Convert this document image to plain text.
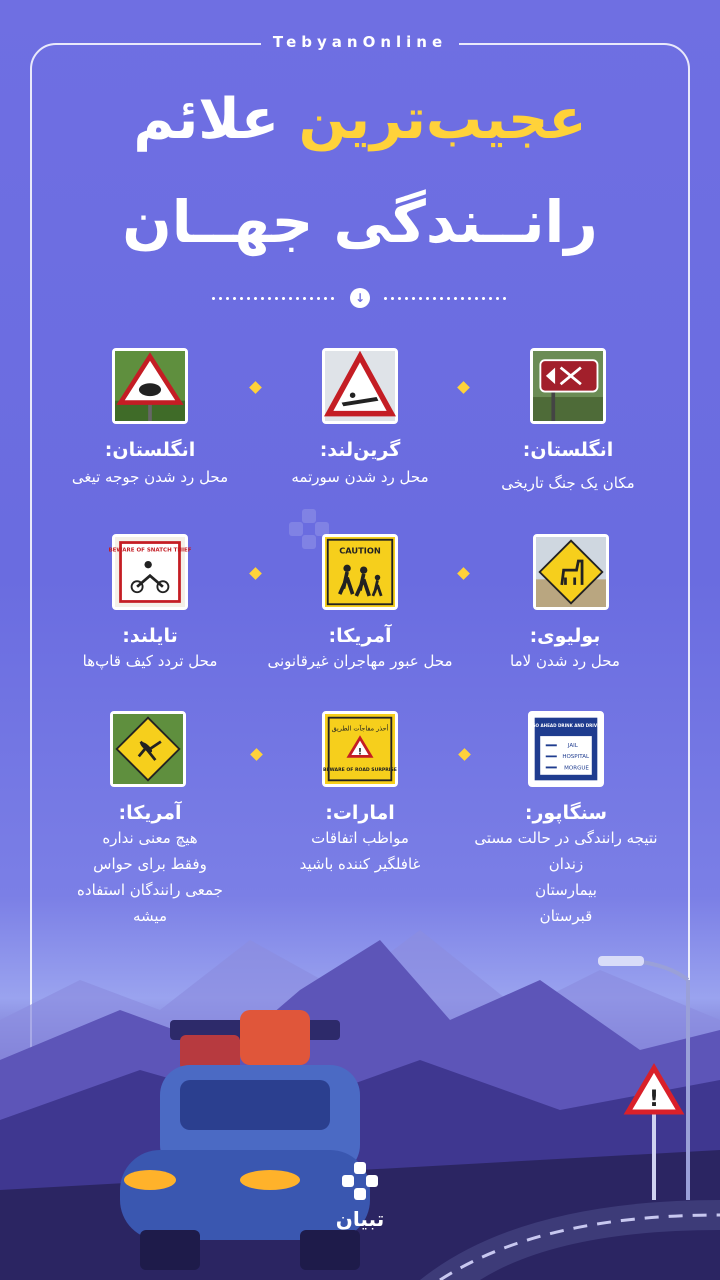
TebyanOnline
عجیب‌ترین علائم
رانــندگی جهــان
↓
انگلستان:
مکان یک جنگ تاریخی
گرین‌لند:
محل رد شدن سورتمه
انگلستان:
محل رد شدن جوجه تیغی
CAUTION
BEWARE OF SNATCH THIEF
بولیوی:
محل رد شدن لاما
آمریکا:
محل عبور مهاجران غیرقانونی
تایلند:
محل تردد کیف قاپ‌ها
GO AHEAD DRINK AND DRIVE
JAIL
HOSPITAL
MORGUE
أحذر مفاجآت الطريق
!
BEWARE OF ROAD SURPRISE
سنگاپور:
نتیجه رانندگی در حالت مستی
زندان
بیمارستان
قبرستان
امارات:
مواظب اتفاقات
غافلگیر کننده باشید
آمریکا:
هیچ معنی نداره
وفقط برای حواس
جمعی رانندگان استفاده
میشه
!
تبیان
